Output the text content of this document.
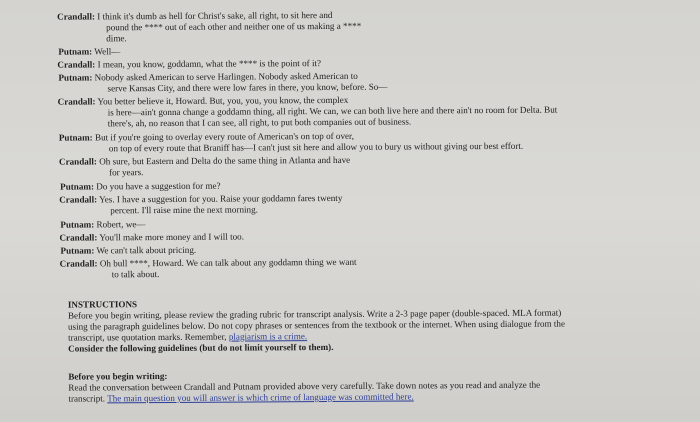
Crandall: I think it's dumb as hell for Christ's sake, all right, to sit here and
pound the **** out of each other and neither one of us making a ****
dime.
Putnam: Well—
Crandall: I mean, you know, goddamn, what the **** is the point of it?
Putnam: Nobody asked American to serve Harlingen. Nobody asked American to
serve Kansas City, and there were low fares in there, you know, before. So—
Crandall: You better believe it, Howard. But, you, you, you know, the complex
is here—ain't gonna change a goddamn thing, all right. We can, we can both live here and there ain't no room for Delta. But
there's, ah, no reason that I can see, all right, to put both companies out of business.
Putnam: But if you're going to overlay every route of American's on top of over,
on top of every route that Braniff has—I can't just sit here and allow you to bury us without giving our best effort.
Crandall: Oh sure, but Eastern and Delta do the same thing in Atlanta and have
for years.
Putnam: Do you have a suggestion for me?
Crandall: Yes. I have a suggestion for you. Raise your goddamn fares twenty
percent. I'll raise mine the next morning.
Putnam: Robert, we—
Crandall: You'll make more money and I will too.
Putnam: We can't talk about pricing.
Crandall: Oh bull ****, Howard. We can talk about any goddamn thing we want
to talk about.
INSTRUCTIONS
Before you begin writing, please review the grading rubric for transcript analysis. Write a 2-3 page paper (double-spaced. MLA format)
using the paragraph guidelines below. Do not copy phrases or sentences from the textbook or the internet. When using dialogue from the
transcript, use quotation marks. Remember, plagiarism is a crime.
Consider the following guidelines (but do not limit yourself to them).
Before you begin writing:
Read the conversation between Crandall and Putnam provided above very carefully. Take down notes as you read and analyze the
transcript. The main question you will answer is which crime of language was committed here.
